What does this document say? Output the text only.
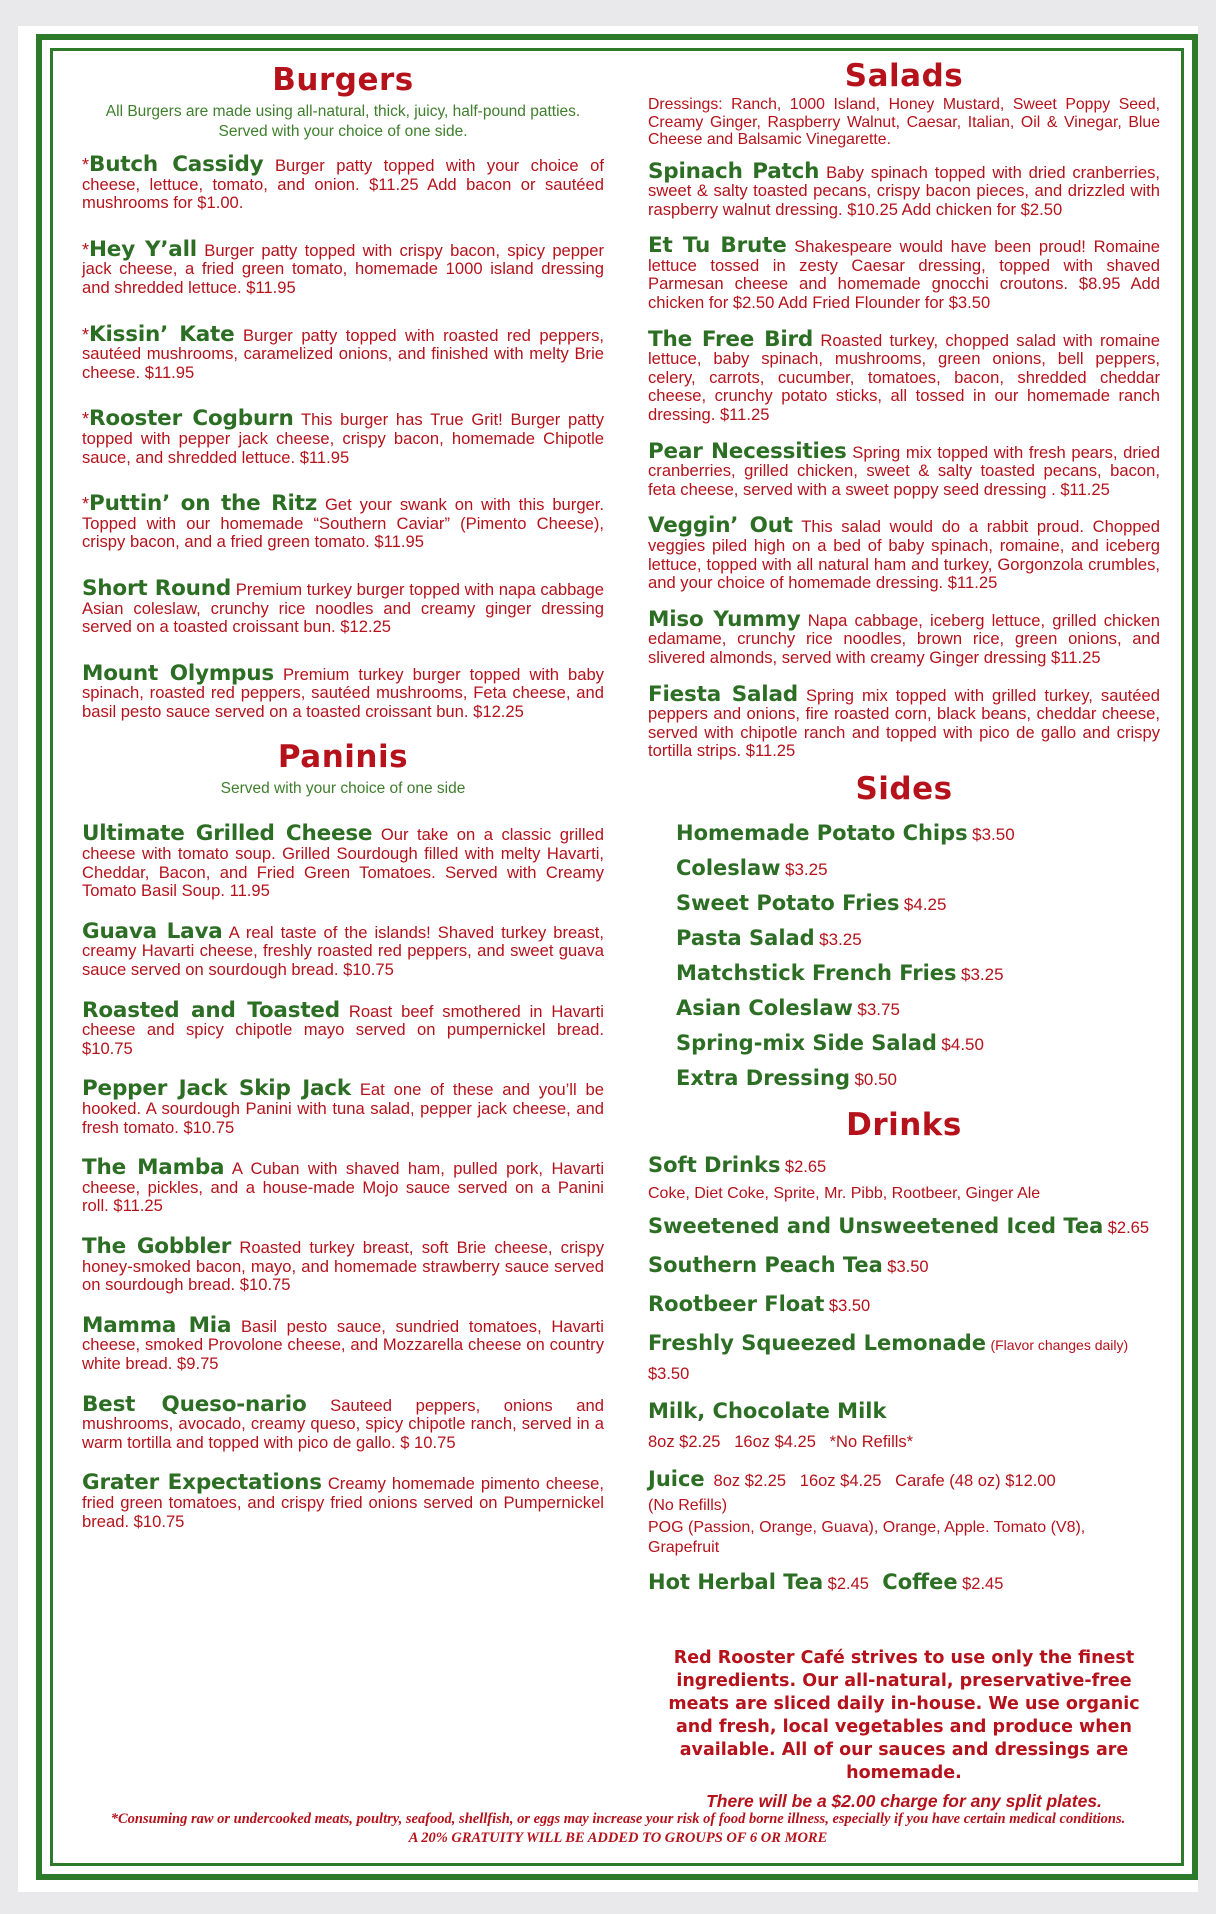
Burgers
All Burgers are made using all-natural, thick, juicy, half-pound patties. Served with your choice of one side.
*Butch Cassidy Burger patty topped with your choice of cheese, lettuce, tomato, and onion. $11.25 Add bacon or sautéed mushrooms for $1.00.
*Hey Y’all Burger patty topped with crispy bacon, spicy pepper jack cheese, a fried green tomato, homemade 1000 island dressing and shredded lettuce. $11.95
*Kissin’ Kate Burger patty topped with roasted red peppers, sautéed mushrooms, caramelized onions, and finished with melty Brie cheese. $11.95
*Rooster Cogburn This burger has True Grit! Burger patty topped with pepper jack cheese, crispy bacon, homemade Chipotle sauce, and shredded lettuce. $11.95
*Puttin’ on the Ritz Get your swank on with this burger. Topped with our homemade “Southern Caviar” (Pimento Cheese), crispy bacon, and a fried green tomato. $11.95
Short Round Premium turkey burger topped with napa cabbage Asian coleslaw, crunchy rice noodles and creamy ginger dressing served on a toasted croissant bun. $12.25
Mount Olympus Premium turkey burger topped with baby spinach, roasted red peppers, sautéed mushrooms, Feta cheese, and basil pesto sauce served on a toasted croissant bun. $12.25
Paninis
Served with your choice of one side
Ultimate Grilled Cheese Our take on a classic grilled cheese with tomato soup. Grilled Sourdough filled with melty Havarti, Cheddar, Bacon, and Fried Green Tomatoes. Served with Creamy Tomato Basil Soup. 11.95
Guava Lava A real taste of the islands! Shaved turkey breast, creamy Havarti cheese, freshly roasted red peppers, and sweet guava sauce served on sourdough bread. $10.75
Roasted and Toasted Roast beef smothered in Havarti cheese and spicy chipotle mayo served on pumpernickel bread. $10.75
Pepper Jack Skip Jack Eat one of these and you’ll be hooked. A sourdough Panini with tuna salad, pepper jack cheese, and fresh tomato. $10.75
The Mamba A Cuban with shaved ham, pulled pork, Havarti cheese, pickles, and a house-made Mojo sauce served on a Panini roll. $11.25
The Gobbler Roasted turkey breast, soft Brie cheese, crispy honey-smoked bacon, mayo, and homemade strawberry sauce served on sourdough bread. $10.75
Mamma Mia Basil pesto sauce, sundried tomatoes, Havarti cheese, smoked Provolone cheese, and Mozzarella cheese on country white bread. $9.75
Best Queso-nario Sauteed peppers, onions and mushrooms, avocado, creamy queso, spicy chipotle ranch, served in a warm tortilla and topped with pico de gallo. $ 10.75
Grater Expectations Creamy homemade pimento cheese, fried green tomatoes, and crispy fried onions served on Pumpernickel bread. $10.75
Salads
Dressings: Ranch, 1000 Island, Honey Mustard, Sweet Poppy Seed, Creamy Ginger, Raspberry Walnut, Caesar, Italian, Oil & Vinegar, Blue Cheese and Balsamic Vinegarette.
Spinach Patch Baby spinach topped with dried cranberries, sweet & salty toasted pecans, crispy bacon pieces, and drizzled with raspberry walnut dressing. $10.25 Add chicken for $2.50
Et Tu Brute Shakespeare would have been proud! Romaine lettuce tossed in zesty Caesar dressing, topped with shaved Parmesan cheese and homemade gnocchi croutons. $8.95 Add chicken for $2.50 Add Fried Flounder for $3.50
The Free Bird Roasted turkey, chopped salad with romaine lettuce, baby spinach, mushrooms, green onions, bell peppers, celery, carrots, cucumber, tomatoes, bacon, shredded cheddar cheese, crunchy potato sticks, all tossed in our homemade ranch dressing. $11.25
Pear Necessities Spring mix topped with fresh pears, dried cranberries, grilled chicken, sweet & salty toasted pecans, bacon, feta cheese, served with a sweet poppy seed dressing . $11.25
Veggin’ Out This salad would do a rabbit proud. Chopped veggies piled high on a bed of baby spinach, romaine, and iceberg lettuce, topped with all natural ham and turkey, Gorgonzola crumbles, and your choice of homemade dressing. $11.25
Miso Yummy Napa cabbage, iceberg lettuce, grilled chicken edamame, crunchy rice noodles, brown rice, green onions, and slivered almonds, served with creamy Ginger dressing $11.25
Fiesta Salad Spring mix topped with grilled turkey, sautéed peppers and onions, fire roasted corn, black beans, cheddar cheese, served with chipotle ranch and topped with pico de gallo and crispy tortilla strips. $11.25
Sides
Homemade Potato Chips $3.50
Coleslaw $3.25
Sweet Potato Fries $4.25
Pasta Salad $3.25
Matchstick French Fries $3.25
Asian Coleslaw $3.75
Spring-mix Side Salad $4.50
Extra Dressing $0.50
Drinks
Soft Drinks $2.65
Coke, Diet Coke, Sprite, Mr. Pibb, Rootbeer, Ginger Ale
Sweetened and Unsweetened Iced Tea $2.65
Southern Peach Tea $3.50
Rootbeer Float $3.50
Freshly Squeezed Lemonade (Flavor changes daily) $3.50
Milk, Chocolate Milk  8oz $2.25   16oz $4.25   *No Refills*
Juice 8oz $2.25   16oz $4.25   Carafe (48 oz) $12.00
(No Refills)
POG (Passion, Orange, Guava), Orange, Apple. Tomato (V8), Grapefruit
Hot Herbal Tea $2.45 Coffee $2.45
Red Rooster Café strives to use only the finest ingredients. Our all-natural, preservative-free meats are sliced daily in-house. We use organic and fresh, local vegetables and produce when available. All of our sauces and dressings are homemade.
There will be a $2.00 charge for any split plates.
*Consuming raw or undercooked meats, poultry, seafood, shellfish, or eggs may increase your risk of food borne illness, especially if you have certain medical conditions.
A 20% GRATUITY WILL BE ADDED TO GROUPS OF 6 OR MORE
